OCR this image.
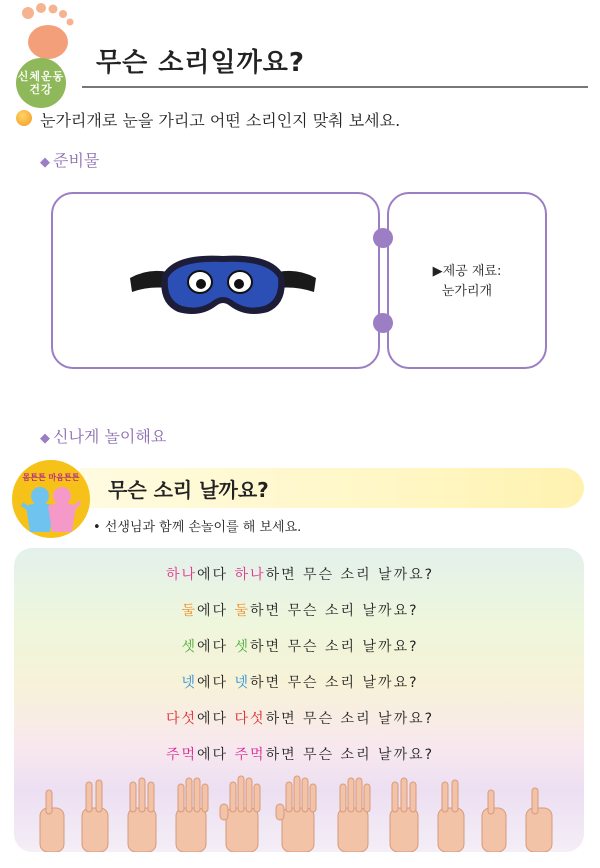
신체운동
건강
무슨 소리일까요?
눈가리개로 눈을 가리고 어떤 소리인지 맞춰 보세요.
◆ 준비물
▶제공 재료:
눈가리개
◆ 신나게 놀이해요
몸튼튼 마음튼튼
무슨 소리 날까요?
• 선생님과 함께 손놀이를 해 보세요.
하나에다 하나하면 무슨 소리 날까요?
둘에다 둘하면 무슨 소리 날까요?
셋에다 셋하면 무슨 소리 날까요?
넷에다 넷하면 무슨 소리 날까요?
다섯에다 다섯하면 무슨 소리 날까요?
주먹에다 주먹하면 무슨 소리 날까요?
